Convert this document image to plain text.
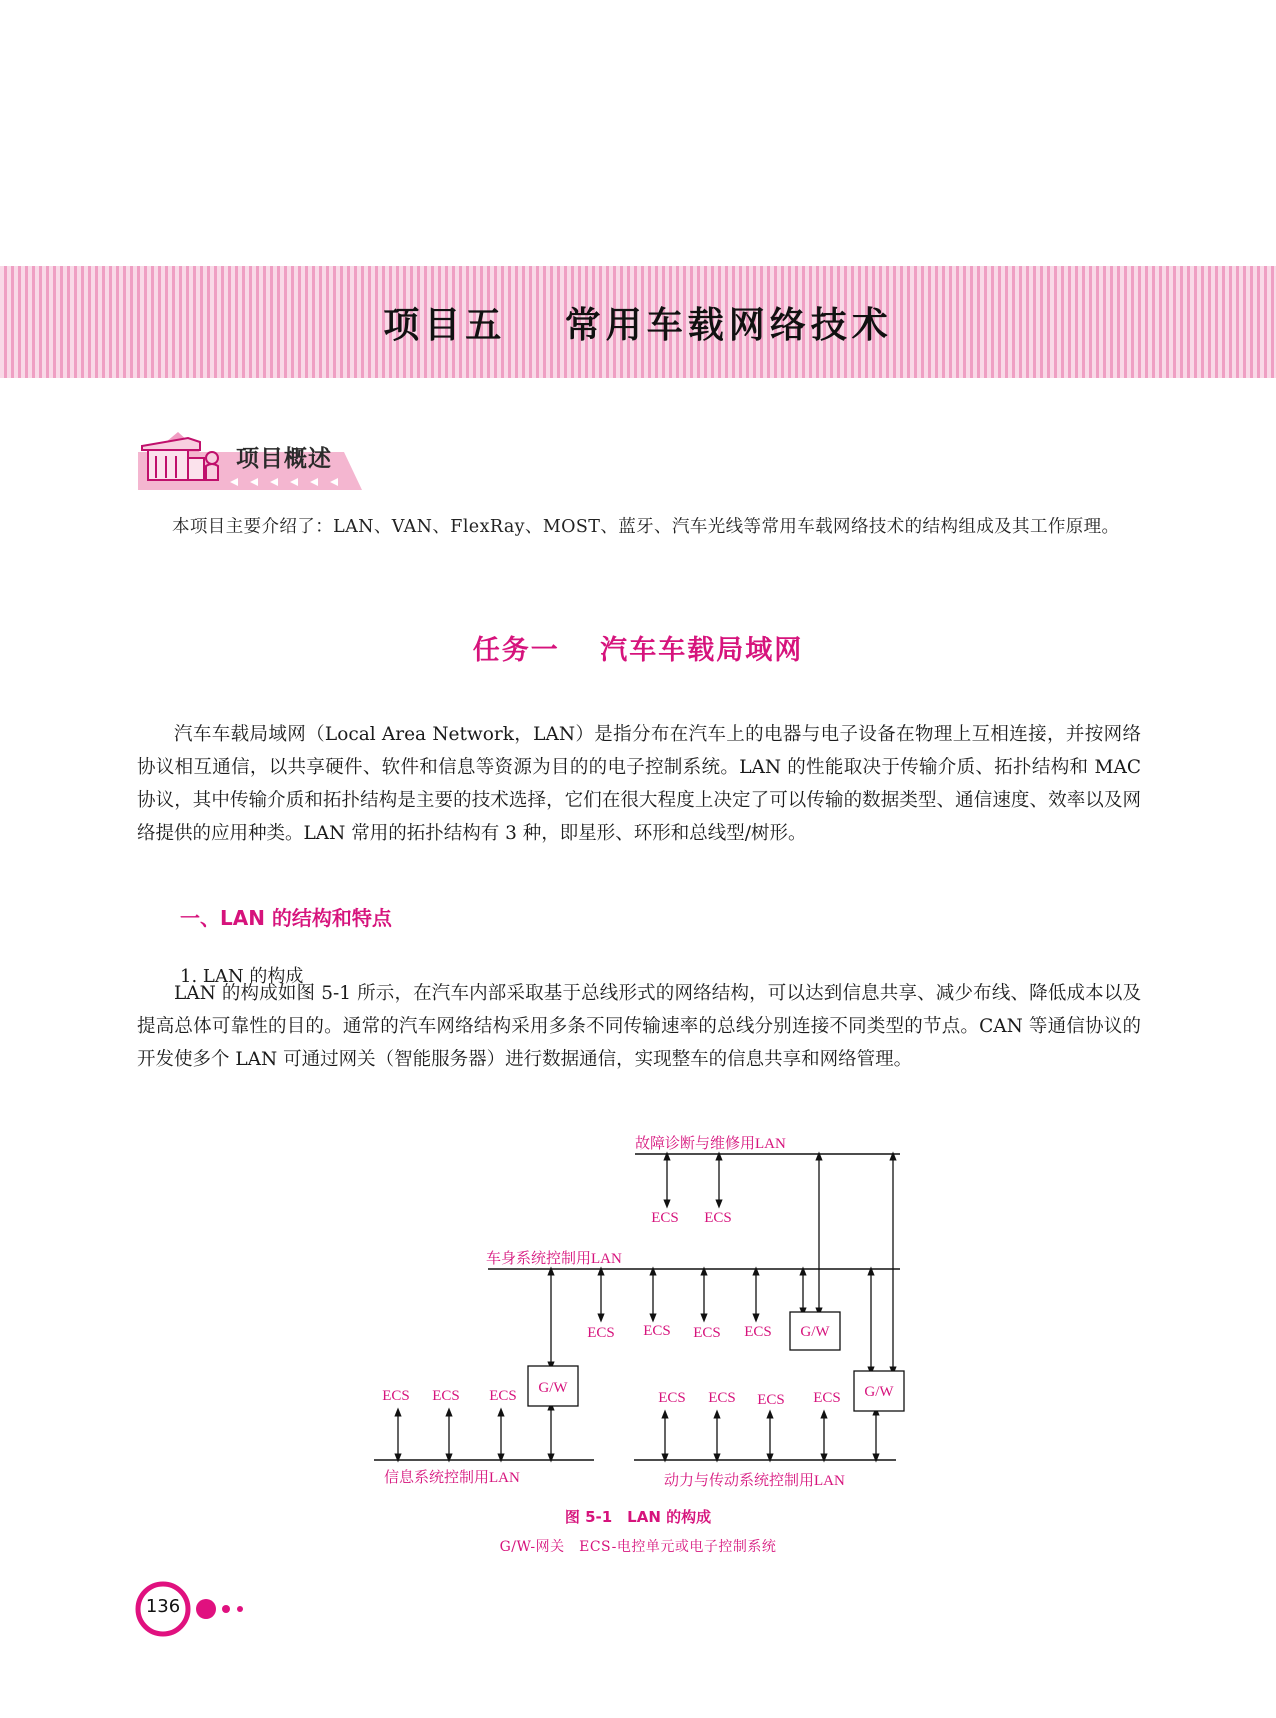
项目五　 常用车载网络技术
项目概述
本项目主要介绍了：LAN、VAN、FlexRay、MOST、蓝牙、汽车光线等常用车载网络技术的结构组成及其工作原理。
任务一　 汽车车载局域网
汽车车载局域网（Local Area Network，LAN）是指分布在汽车上的电器与电子设备在物理上互相连接，并按网络协议相互通信，以共享硬件、软件和信息等资源为目的的电子控制系统。LAN 的性能取决于传输介质、拓扑结构和 MAC 协议，其中传输介质和拓扑结构是主要的技术选择，它们在很大程度上决定了可以传输的数据类型、通信速度、效率以及网络提供的应用种类。LAN 常用的拓扑结构有 3 种，即星形、环形和总线型/树形。
一、LAN 的结构和特点
1. LAN 的构成
LAN 的构成如图 5-1 所示，在汽车内部采取基于总线形式的网络结构，可以达到信息共享、减少布线、降低成本以及提高总体可靠性的目的。通常的汽车网络结构采用多条不同传输速率的总线分别连接不同类型的节点。CAN 等通信协议的开发使多个 LAN 可通过网关（智能服务器）进行数据通信，实现整车的信息共享和网络管理。
故障诊断与维修用LAN
车身系统控制用LAN
信息系统控制用LAN	动力与传动系统控制用LAN
G/W
G/W	G/W
ECS ECS
ECS ECS ECS ECS
ECS ECS ECS	ECS ECS ECS ECS
图 5-1　LAN 的构成
G/W-网关　ECS-电控单元或电子控制系统
136
